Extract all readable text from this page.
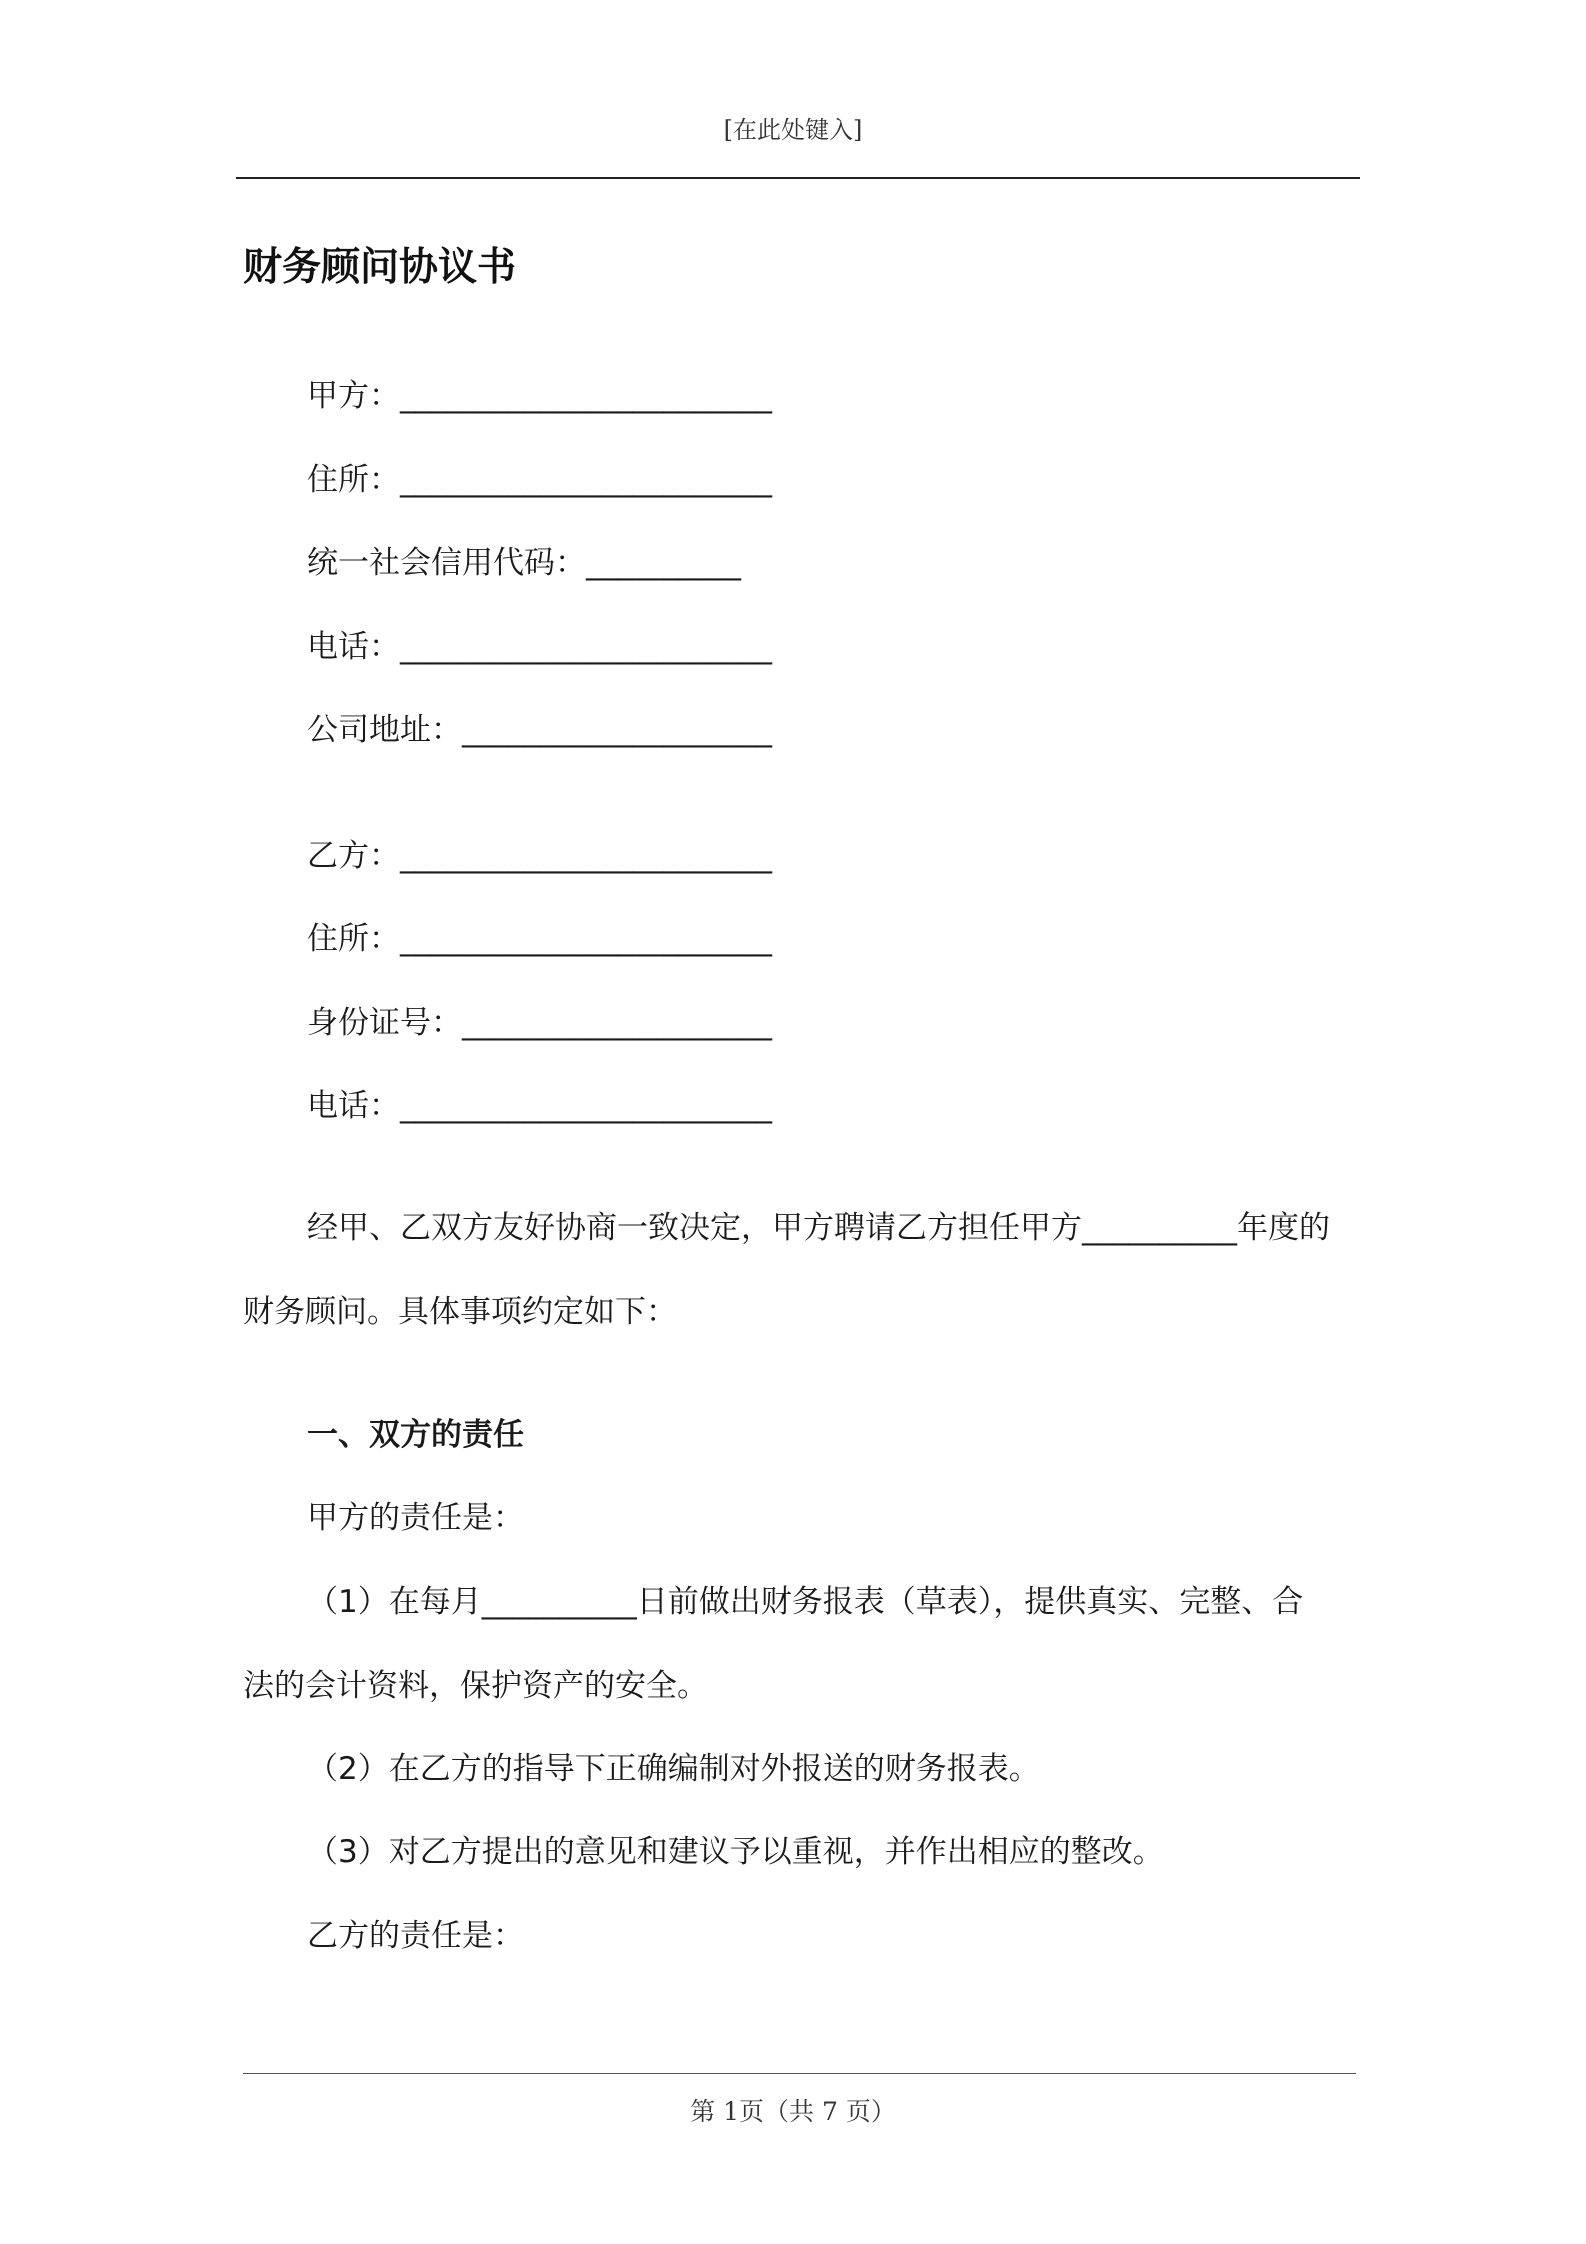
[在此处键入]
财务顾问协议书
甲方：________________________
住所：________________________
统一社会信用代码：__________
电话：________________________
公司地址：____________________
乙方：________________________
住所：________________________
身份证号：____________________
电话：________________________
经甲、乙双方友好协商一致决定，甲方聘请乙方担任甲方__________年度的
财务顾问。具体事项约定如下：
一、双方的责任
甲方的责任是：
（1）在每月__________日前做出财务报表（草表），提供真实、完整、合
法的会计资料，保护资产的安全。
（2）在乙方的指导下正确编制对外报送的财务报表。
（3）对乙方提出的意见和建议予以重视，并作出相应的整改。
乙方的责任是：
第 1页（共 7 页）
